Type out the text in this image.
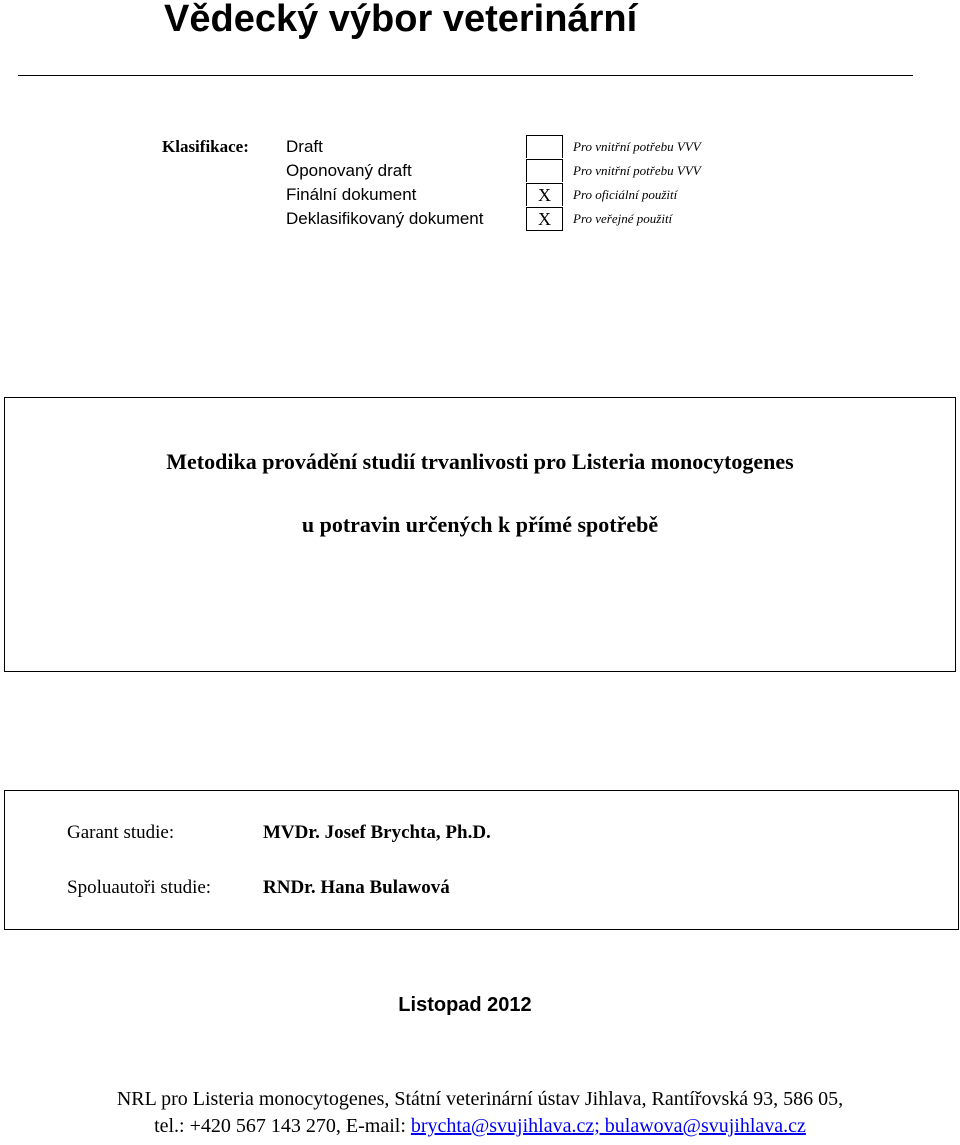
Vědecký výbor veterinární
Klasifikace: Draft
Oponovaný draft
Finální dokument
Deklasifikovaný dokument
X
X
Pro vnitřní potřebu VVV
Pro vnitřní potřebu VVV
Pro oficiální použití
Pro veřejné použití
Metodika provádění studií trvanlivosti pro Listeria monocytogenes
u potravin určených k přímé spotřebě
Garant studie:	MVDr. Josef Brychta, Ph.D.
Spoluautoři studie:	RNDr. Hana Bulawová
Listopad 2012
NRL pro Listeria monocytogenes, Státní veterinární ústav Jihlava, Rantířovská 93, 586 05,
tel.: +420 567 143 270, E-mail: brychta@svujihlava.cz; bulawova@svujihlava.cz
